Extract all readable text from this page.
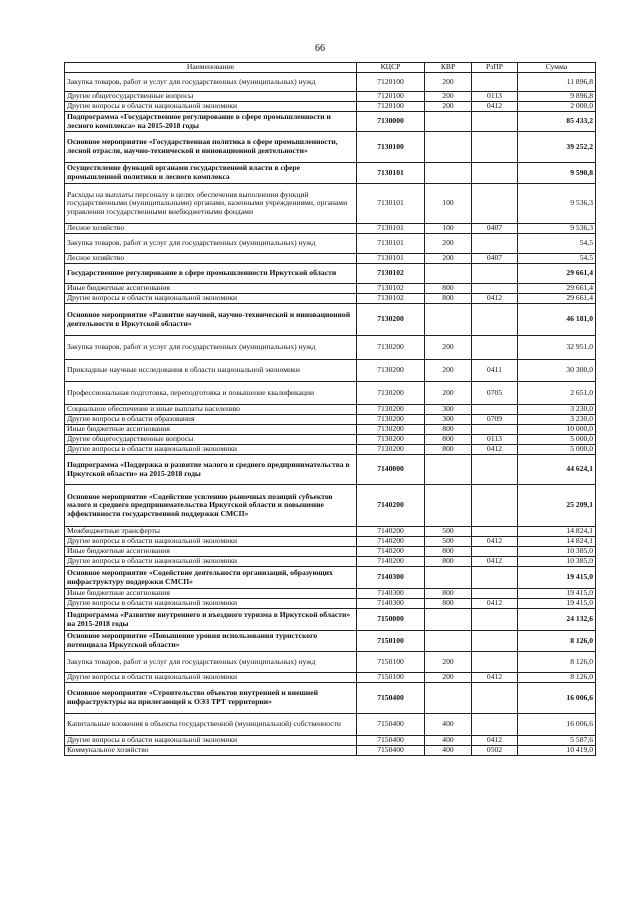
66
Наименование	КЦСР	КВР	РзПР	Сумма
Закупка товаров, работ и услуг для государственных (муниципальных) нужд	7120100	200		11 896,8
Другие общегосударственные вопросы	7120100	200	0113	9 896,8
Другие вопросы в области национальной экономики	7120100	200	0412	2 000,0
Подпрограмма «Государственное регулирование в сфере промышленности и лесного комплекса» на 2015-2018 годы	7130000			85 433,2
Основное мероприятие «Государственная политика в сфере промышленности, лесной отрасли, научно-технической и инновационной деятельности»	7130100			39 252,2
Осуществление функций органами государственной власти в сфере промышленной политики и лесного комплекса	7130101			9 590,8
Расходы на выплаты персоналу в целях обеспечения выполнения функций государственными (муниципальными) органами, казенными учреждениями, органами управления государственными внебюджетными фондами	7130101	100		9 536,3
Лесное хозяйство	7130101	100	0407	9 536,3
Закупка товаров, работ и услуг для государственных (муниципальных) нужд	7130101	200		54,5
Лесное хозяйство	7130101	200	0407	54,5
Государственное регулирование в сфере промышленности Иркутской области	7130102			29 661,4
Иные бюджетные ассигнования	7130102	800		29 661,4
Другие вопросы в области национальной экономики	7130102	800	0412	29 661,4
Основное мероприятие «Развитие научной, научно-технической и инновационной деятельности в Иркутской области»	7130200			46 181,0
Закупка товаров, работ и услуг для государственных (муниципальных) нужд	7130200	200		32 951,0
Прикладные научные исследования в области национальной экономики	7130200	200	0411	30 300,0
Профессиональная подготовка, переподготовка и повышение квалификации	7130200	200	0705	2 651,0
Социальное обеспечение и иные выплаты населению	7130200	300		3 230,0
Другие вопросы в области образования	7130200	300	0709	3 230,0
Иные бюджетные ассигнования	7130200	800		10 000,0
Другие общегосударственные вопросы	7130200	800	0113	5 000,0
Другие вопросы в области национальной экономики	7130200	800	0412	5 000,0
Подпрограмма «Поддержка и развитие малого и среднего предпринимательства в Иркутской области» на 2015-2018 годы	7140000			44 624,1
Основное мероприятие «Содействие усилению рыночных позиций субъектов малого и среднего предпринимательства Иркутской области и повышение эффективности государственной поддержки СМСП»	7140200			25 209,1
Межбюджетные трансферты	7140200	500		14 824,1
Другие вопросы в области национальной экономики	7140200	500	0412	14 824,1
Иные бюджетные ассигнования	7140200	800		10 385,0
Другие вопросы в области национальной экономики	7140200	800	0412	10 385,0
Основное мероприятие «Содействие деятельности организаций, образующих инфраструктуру поддержки СМСП»	7140300			19 415,0
Иные бюджетные ассигнования	7140300	800		19 415,0
Другие вопросы в области национальной экономики	7140300	800	0412	19 415,0
Подпрограмма «Развитие внутреннего и въездного туризма в Иркутской области» на 2015-2018 годы	7150000			24 132,6
Основное мероприятие «Повышение уровня использования туристского потенциала Иркутской области»	7150100			8 126,0
Закупка товаров, работ и услуг для государственных (муниципальных) нужд	7150100	200		8 126,0
Другие вопросы в области национальной экономики	7150100	200	0412	8 126,0
Основное мероприятие «Строительство объектов внутренней и внешней инфраструктуры на прилегающей к ОЭЗ ТРТ территории»	7150400			16 006,6
Капитальные вложения в объекты государственной (муниципальной) собственности	7150400	400		16 006,6
Другие вопросы в области национальной экономики	7150400	400	0412	5 587,6
Коммунальное хозяйство	7150400	400	0502	10 419,0
